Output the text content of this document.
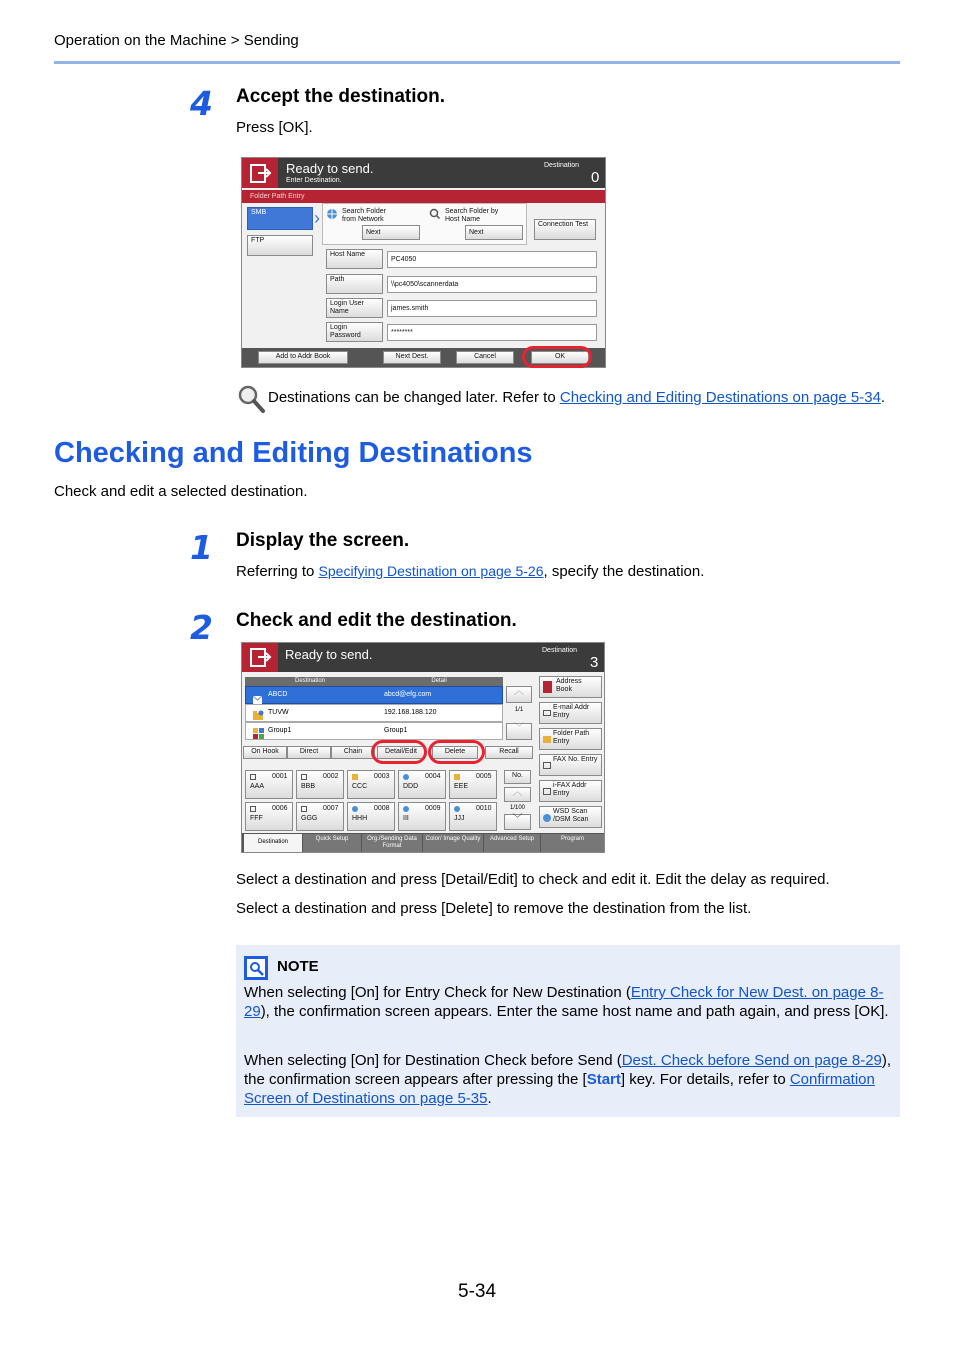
Operation on the Machine > Sending
4 Accept the destination.
Press [OK].
Ready to send.
Enter Destination.
Destination
0
Folder Path Entry
SMB	›
FTP
Search Folder from Network
Search Folder by Host Name
Next	Next
Connection Test
Host Name
PC4050
Path
\\pc4050\scannerdata
Login User Name	james.smith
Login Password	********
Add to Addr Book	Next Dest.	Cancel	OK
Destinations can be changed later. Refer to Checking and Editing Destinations on page 5-34.
Checking and Editing Destinations
Check and edit a selected destination.
1 Display the screen.
Referring to Specifying Destination on page 5-26, specify the destination.
2 Check and edit the destination.
Ready to send.	Destination
3
Destination	Detail
ABCD	abcd@efg.com
TUVW	192.168.188.120
Group1	Group1
︿
1/1
﹀
On Hook	Direct	Chain	Detail/Edit	Delete	Recall
Address Book
E-mail Addr Entry
Folder Path Entry
FAX No. Entry
i-FAX Addr Entry
WSD Scan /DSM Scan
0001
AAA
0002
BBB
0003
CCC
0004
DDD
0005
EEE
0006
FFF
0007
GGG
0008
HHH
0009
III
0010
JJJ
No.
︿
1/100
﹀
Destination	Quick Setup	Org./Sending Data Format
Color/ Image Quality	Advanced Setup	Program
Select a destination and press [Detail/Edit] to check and edit it. Edit the delay as required.
Select a destination and press [Delete] to remove the destination from the list.
NOTE
When selecting [On] for Entry Check for New Destination (Entry Check for New Dest. on page 8-29), the confirmation screen appears. Enter the same host name and path again, and press [OK].
When selecting [On] for Destination Check before Send (Dest. Check before Send on page 8-29), the confirmation screen appears after pressing the [Start] key. For details, refer to Confirmation Screen of Destinations on page 5-35.
5-34
